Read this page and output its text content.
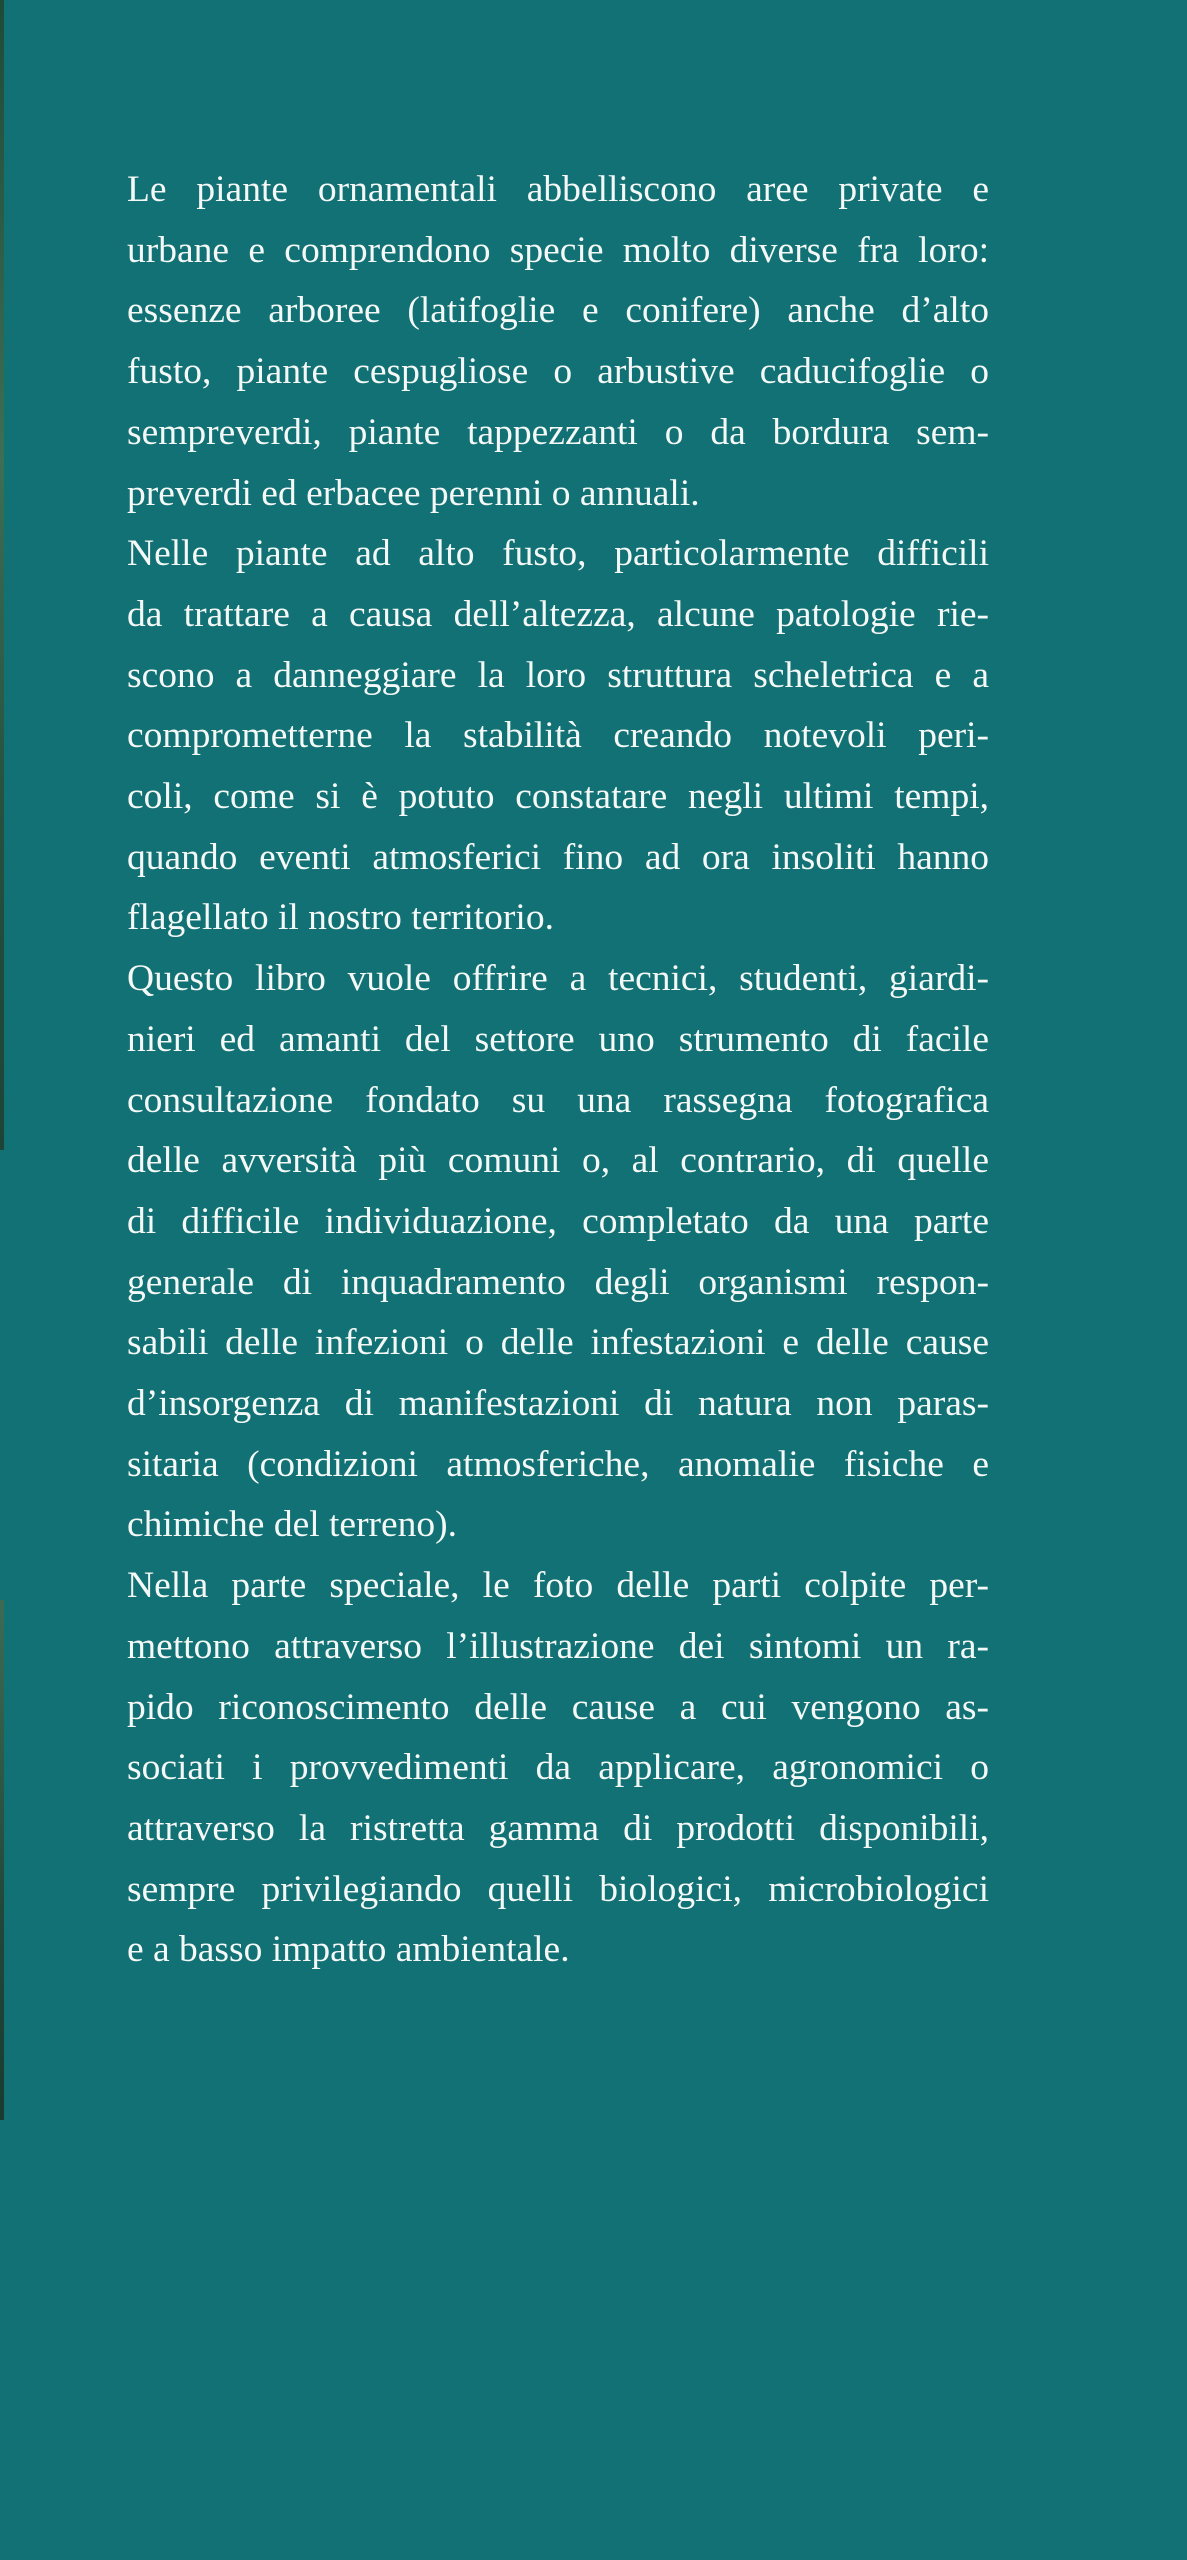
Le piante ornamentali abbelliscono aree private e
urbane e comprendono specie molto diverse fra loro:
essenze arboree (latifoglie e conifere) anche d’alto
fusto, piante cespugliose o arbustive caducifoglie o
sempreverdi, piante tappezzanti o da bordura sem-
preverdi ed erbacee perenni o annuali.

Nelle piante ad alto fusto, particolarmente difficili
da trattare a causa dell’altezza, alcune patologie rie-
scono a danneggiare la loro struttura scheletrica e a
comprometterne la stabilità creando notevoli peri-
coli, come si è potuto constatare negli ultimi tempi,
quando eventi atmosferici fino ad ora insoliti hanno
flagellato il nostro territorio.

Questo libro vuole offrire a tecnici, studenti, giardi-
nieri ed amanti del settore uno strumento di facile
consultazione fondato su una rassegna fotografica
delle avversità più comuni o, al contrario, di quelle
di difficile individuazione, completato da una parte
generale di inquadramento degli organismi respon-
sabili delle infezioni o delle infestazioni e delle cause
d’insorgenza di manifestazioni di natura non paras-
sitaria (condizioni atmosferiche, anomalie fisiche e
chimiche del terreno).

Nella parte speciale, le foto delle parti colpite per-
mettono attraverso l’illustrazione dei sintomi un ra-
pido riconoscimento delle cause a cui vengono as-
sociati i provvedimenti da applicare, agronomici o
attraverso la ristretta gamma di prodotti disponibili,
sempre privilegiando quelli biologici, microbiologici
e a basso impatto ambientale.
